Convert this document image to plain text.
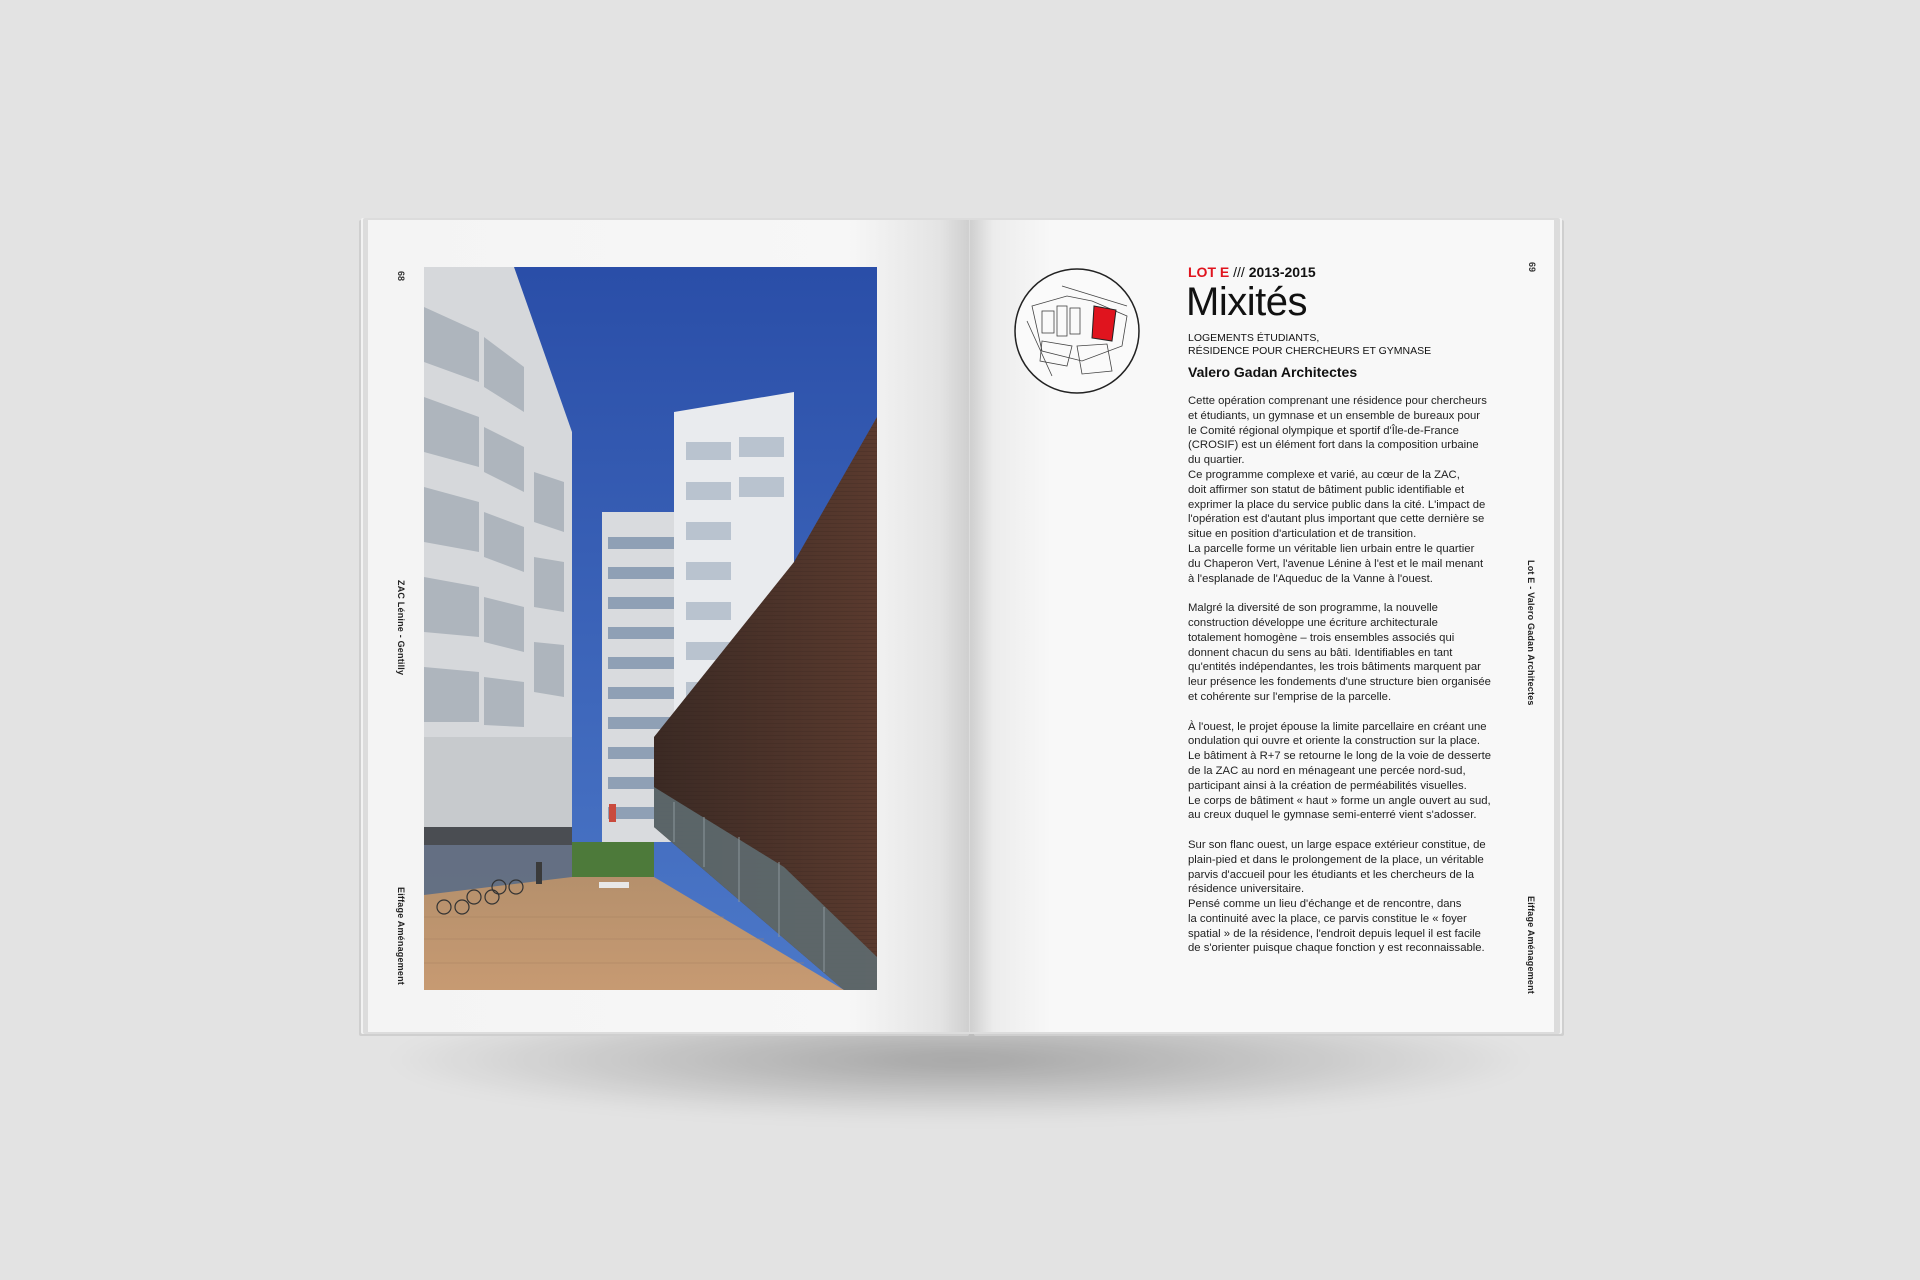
68
ZAC Lénine - Gentilly
Eiffage Aménagement
LOT E /// 2013-2015	69
Mixités
LOGEMENTS ÉTUDIANTS,
RÉSIDENCE POUR CHERCHEURS ET GYMNASE
Valero Gadan Architectes

Cette opération comprenant une résidence pour chercheurs
et étudiants, un gymnase et un ensemble de bureaux pour
le Comité régional olympique et sportif d'Île-de-France
(CROSIF) est un élément fort dans la composition urbaine
du quartier.
Ce programme complexe et varié, au cœur de la ZAC,
doit affirmer son statut de bâtiment public identifiable et
exprimer la place du service public dans la cité. L'impact de
l'opération est d'autant plus important que cette dernière se
situe en position d'articulation et de transition.
La parcelle forme un véritable lien urbain entre le quartier
du Chaperon Vert, l'avenue Lénine à l'est et le mail menant
à l'esplanade de l'Aqueduc de la Vanne à l'ouest.

Malgré la diversité de son programme, la nouvelle
construction développe une écriture architecturale
totalement homogène – trois ensembles associés qui
donnent chacun du sens au bâti. Identifiables en tant
qu'entités indépendantes, les trois bâtiments marquent par
leur présence les fondements d'une structure bien organisée
et cohérente sur l'emprise de la parcelle.

À l'ouest, le projet épouse la limite parcellaire en créant une
ondulation qui ouvre et oriente la construction sur la place.
Le bâtiment à R+7 se retourne le long de la voie de desserte
de la ZAC au nord en ménageant une percée nord-sud,
participant ainsi à la création de perméabilités visuelles.
Le corps de bâtiment « haut » forme un angle ouvert au sud,
au creux duquel le gymnase semi-enterré vient s'adosser.

Sur son flanc ouest, un large espace extérieur constitue, de
plain-pied et dans le prolongement de la place, un véritable
parvis d'accueil pour les étudiants et les chercheurs de la
résidence universitaire.
Pensé comme un lieu d'échange et de rencontre, dans
la continuité avec la place, ce parvis constitue le « foyer
spatial » de la résidence, l'endroit depuis lequel il est facile
de s'orienter puisque chaque fonction y est reconnaissable.

Lot E - Valero Gadan Architectes
Eiffage Aménagement
